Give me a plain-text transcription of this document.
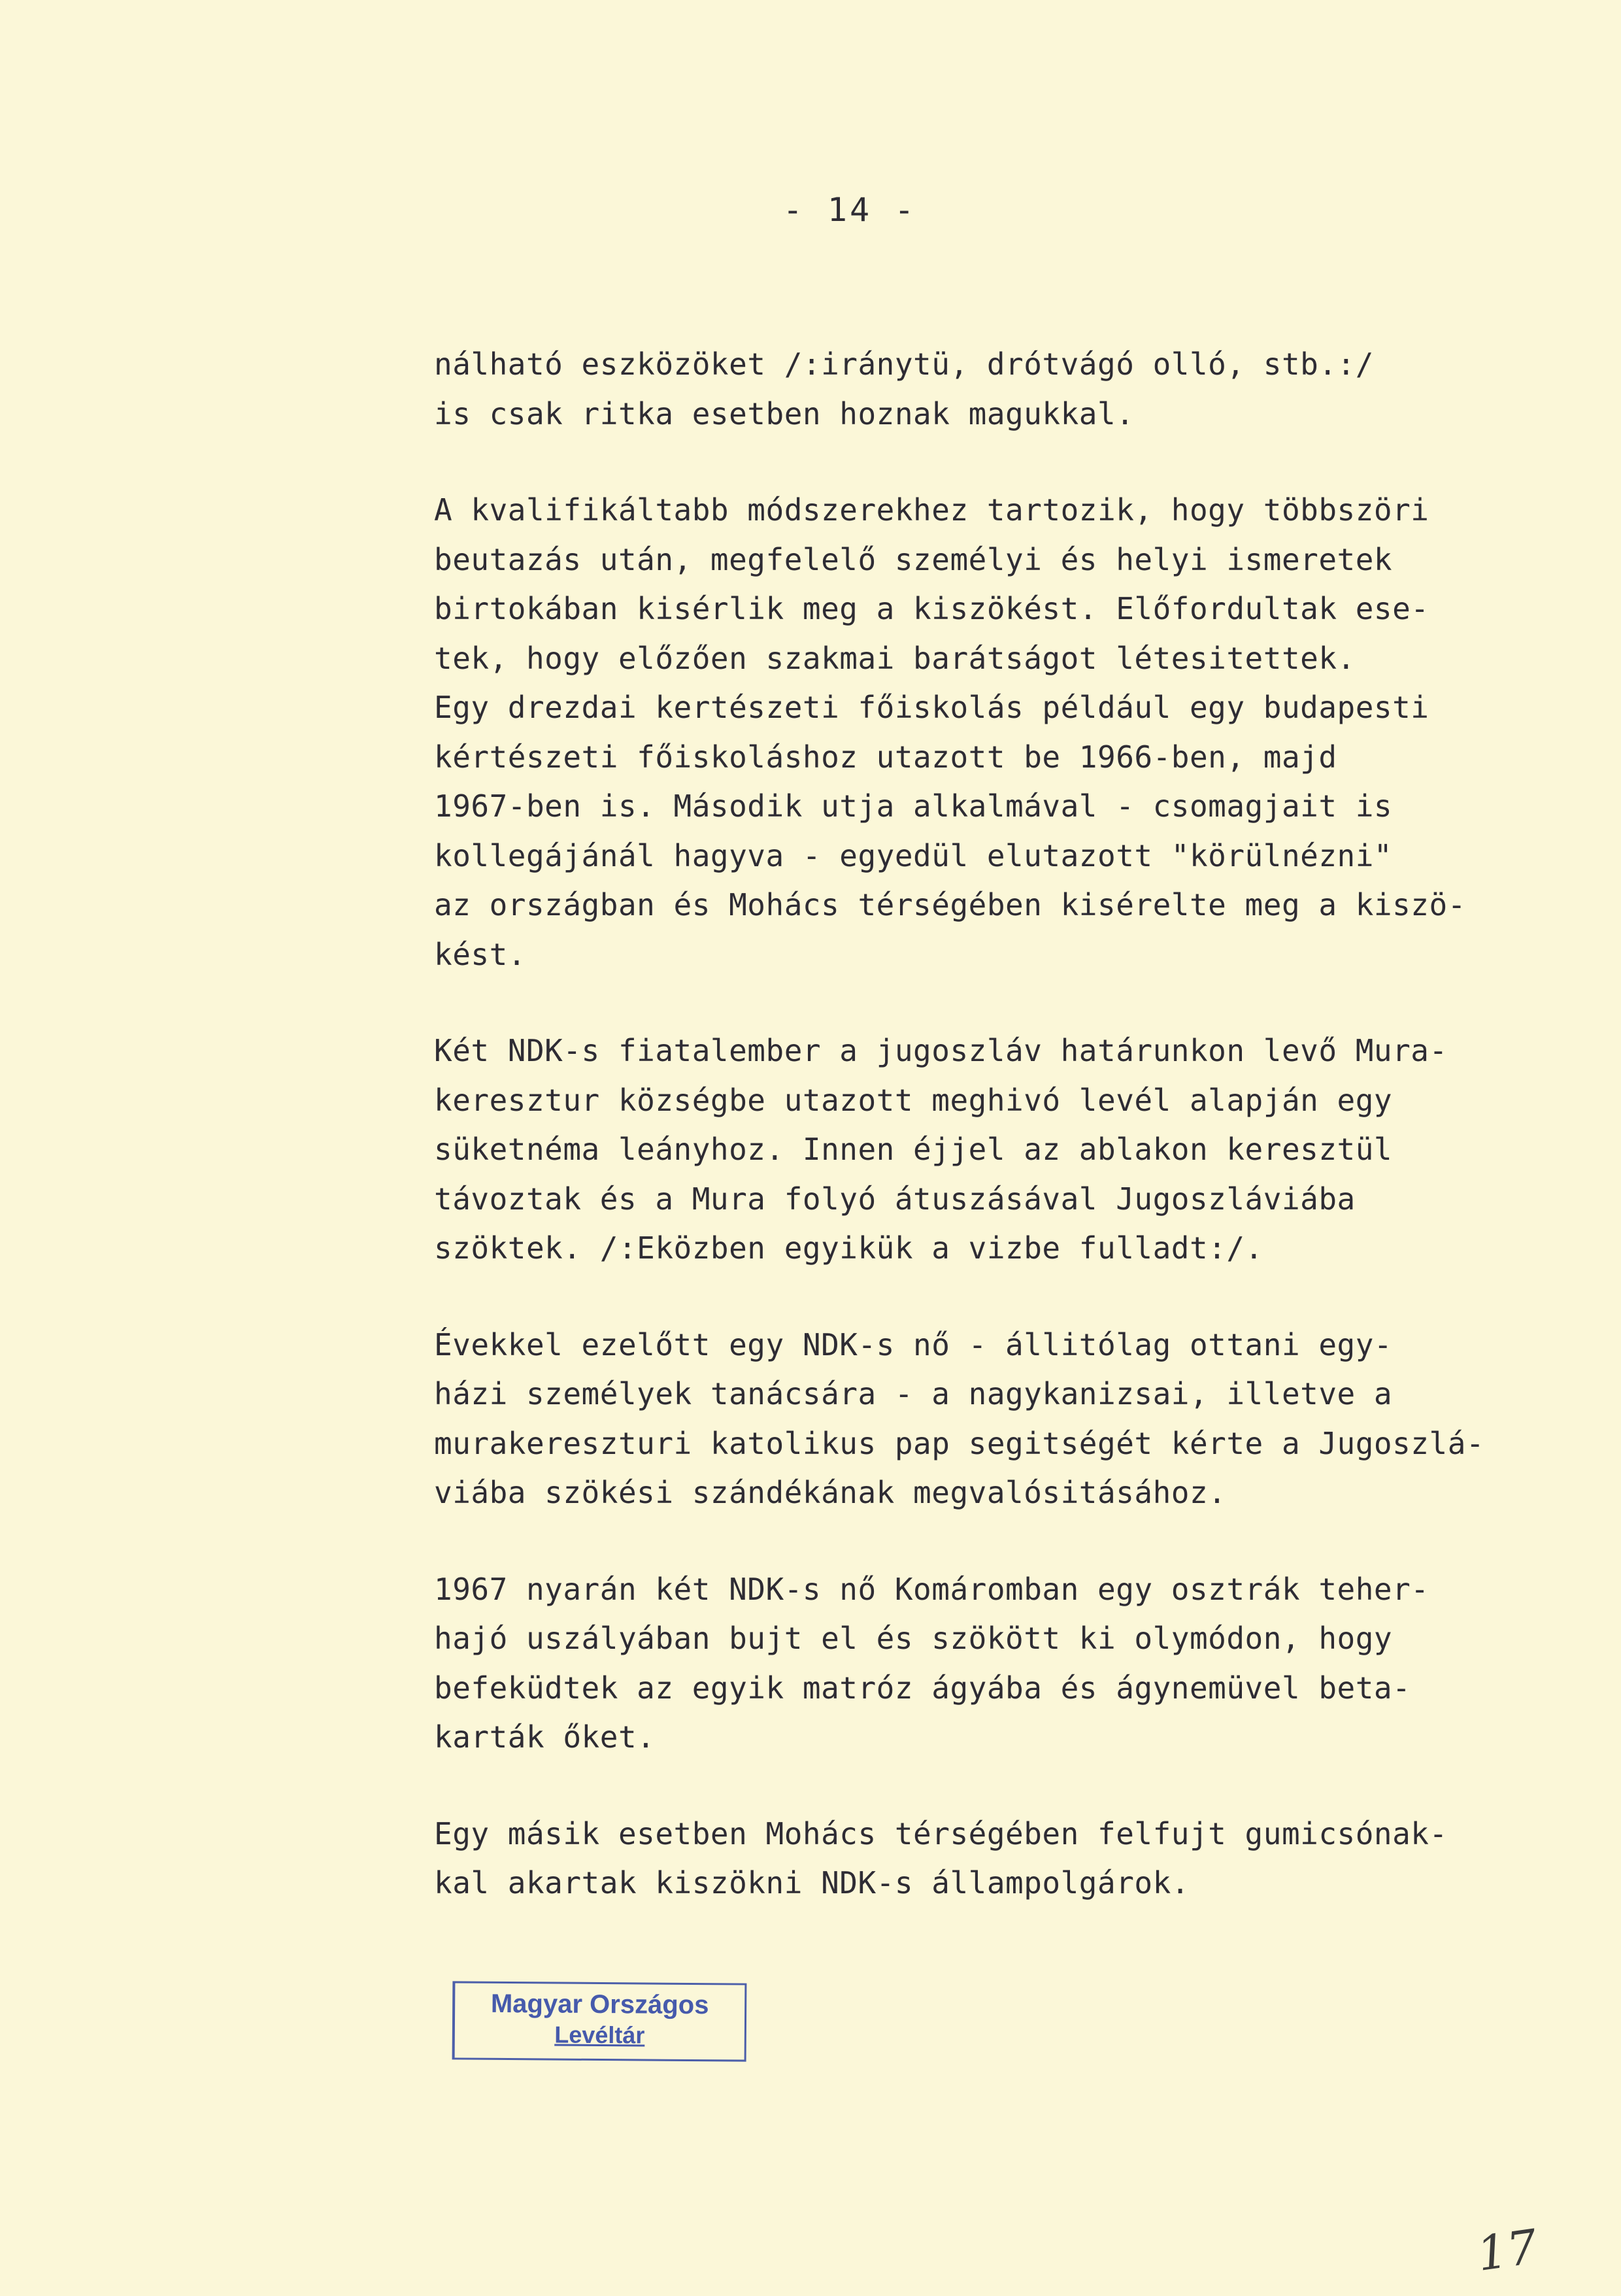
- 14 -
nálható eszközöket /:iránytü, drótvágó olló, stb.:/
is csak ritka esetben hoznak magukkal.
A kvalifikáltabb módszerekhez tartozik, hogy többszöri
beutazás után, megfelelő személyi és helyi ismeretek
birtokában kisérlik meg a kiszökést. Előfordultak ese-
tek, hogy előzően szakmai barátságot létesitettek.
Egy drezdai kertészeti főiskolás például egy budapesti
kértészeti főiskoláshoz utazott be 1966-ben, majd
1967-ben is. Második utja alkalmával - csomagjait is
kollegájánál hagyva - egyedül elutazott "körülnézni"
az országban és Mohács térségében kisérelte meg a kiszö-
kést.
Két NDK-s fiatalember a jugoszláv határunkon levő Mura-
keresztur községbe utazott meghivó levél alapján egy
süketnéma leányhoz. Innen éjjel az ablakon keresztül
távoztak és a Mura folyó átuszásával Jugoszláviába
szöktek. /:Eközben egyikük a vizbe fulladt:/.
Évekkel ezelőtt egy NDK-s nő - állitólag ottani egy-
házi személyek tanácsára - a nagykanizsai, illetve a
murakereszturi katolikus pap segitségét kérte a Jugoszlá-
viába szökési szándékának megvalósitásához.
1967 nyarán két NDK-s nő Komáromban egy osztrák teher-
hajó uszályában bujt el és szökött ki olymódon, hogy
befeküdtek az egyik matróz ágyába és ágynemüvel beta-
karták őket.
Egy másik esetben Mohács térségében felfujt gumicsónak-
kal akartak kiszökni NDK-s állampolgárok.
Magyar Országos
Levéltár
17
